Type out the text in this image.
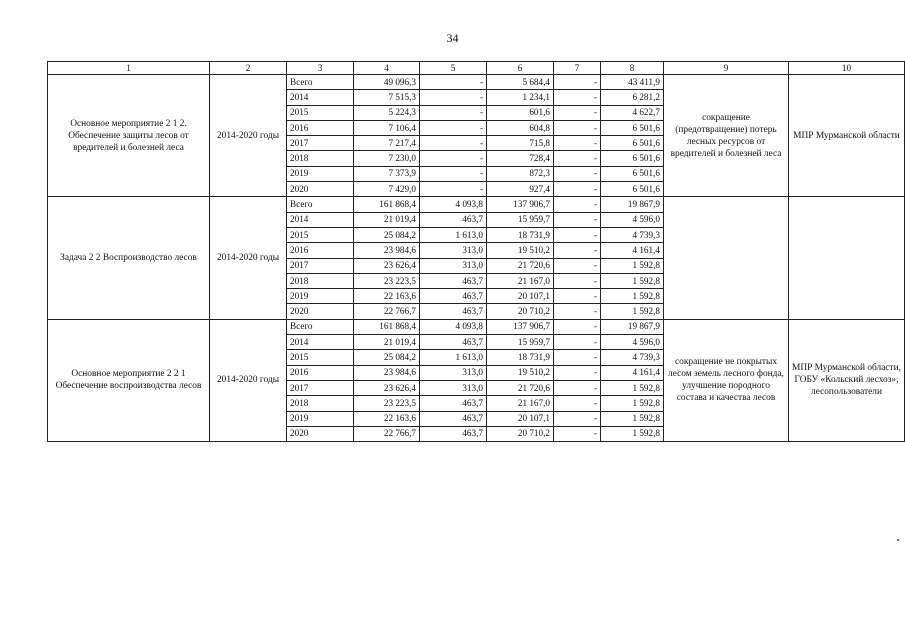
34
1	2	3	4	5	6	7	8	9	10
Основное мероприятие 2 1 2. Обеспечение защиты лесов от вредителей и болезней леса	2014-2020 годы	Всего	49 096,3	-	5 684,4	-	43 411,9	сокращение (предотвращение) потерь лесных ресурсов от вредителей и болезней леса	МПР Мурманской области
		2014	7 515,3	-	1 234,1	-	6 281,2		
		2015	5 224,3	-	601,6	-	4 622,7		
		2016	7 106,4	-	604,8	-	6 501,6		
		2017	7 217,4	-	715,8	-	6 501,6		
		2018	7 230,0	-	728,4	-	6 501,6		
		2019	7 373,9	-	872,3	-	6 501,6		
		2020	7 429,0	-	927,4	-	6 501,6		
Задача 2 2 Воспроизводство лесов	2014-2020 годы	Всего	161 868,4	4 093,8	137 906,7	-	19 867,9		
		2014	21 019,4	463,7	15 959,7	-	4 596,0		
		2015	25 084,2	1 613,0	18 731,9	-	4 739,3		
		2016	23 984,6	313,0	19 510,2	-	4 161,4		
		2017	23 626,4	313,0	21 720,6	-	1 592,8		
		2018	23 223,5	463,7	21 167,0	-	1 592,8		
		2019	22 163,6	463,7	20 107,1	-	1 592,8		
		2020	22 766,7	463,7	20 710,2	-	1 592,8		
Основное мероприятие 2 2 1 Обеспечение воспроизводства лесов	2014-2020 годы	Всего	161 868,4	4 093,8	137 906,7	-	19 867,9	сокращение не покрытых лесом земель лесного фонда, улучшение породного состава и качества лесов	МПР Мурманской области, ГОБУ «Кольский лесхоз», лесопользователи
		2014	21 019,4	463,7	15 959,7	-	4 596,0		
		2015	25 084,2	1 613,0	18 731,9	-	4 739,3		
		2016	23 984,6	313,0	19 510,2	-	4 161,4		
		2017	23 626,4	313,0	21 720,6	-	1 592,8		
		2018	23 223,5	463,7	21 167,0	-	1 592,8		
		2019	22 163,6	463,7	20 107,1	-	1 592,8		
		2020	22 766,7	463,7	20 710,2	-	1 592,8		
